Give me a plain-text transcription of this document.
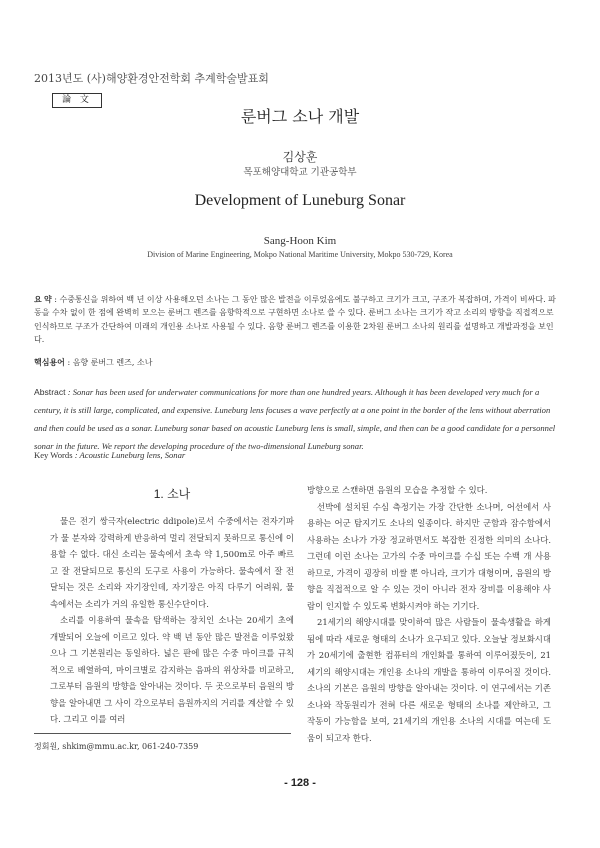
2013년도 (사)해양환경안전학회 추계학술발표회
論 文
룬버그 소나 개발
김상훈
목포해양대학교 기관공학부
Development of Luneburg Sonar
Sang-Hoon Kim
Division of Marine Engineering, Mokpo National Maritime University, Mokpo 530-729, Korea
요 약 : 수중통신을 위하여 백 년 이상 사용해오던 소나는 그 동안 많은 발전을 이루었음에도 불구하고 크기가 크고, 구조가 복잡하며, 가격이 비싸다. 파동을 수차 없이 한 점에 완벽히 모으는 룬버그 렌즈를 음향학적으로 구현하면 소나로 쓸 수 있다. 룬버그 소나는 크기가 작고 소리의 방향을 직접적으로 인식하므로 구조가 간단하여 미래의 개인용 소나로 사용될 수 있다. 음향 룬버그 렌즈를 이용한 2차원 룬버그 소나의 원리를 설명하고 개발과정을 보인다.
핵심용어 : 음향 룬버그 렌즈, 소나
Abstract : Sonar has been used for underwater communications for more than one hundred years. Although it has been developed very much for a century, it is still large, complicated, and expensive. Luneburg lens focuses a wave perfectly at a one point in the border of the lens without aberration and then could be used as a sonar. Luneburg sonar based on acoustic Luneburg lens is small, simple, and then can be a good candidate for a personnel sonar in the future. We report the developing procedure of the two-dimensional Luneburg sonar.
Key Words : Acoustic Luneburg lens, Sonar
1. 소나

물은 전기 쌍극자(electric ddipole)로서 수중에서는 전자기파가 물 분자와 강력하게 반응하여 멀리 전달되지 못하므로 통신에 이용할 수 없다. 대신 소리는 물속에서 초속 약 1,500m로 아주 빠르고 잘 전달되므로 통신의 도구로 사용이 가능하다. 물속에서 잘 전달되는 것은 소리와 자기장인데, 자기장은 아직 다루기 어려워, 물속에서는 소리가 거의 유일한 통신수단이다.

소리를 이용하여 물속을 탐색하는 장치인 소나는 20세기 초에 개발되어 오늘에 이르고 있다. 약 백 년 동안 많은 발전을 이루었왔으나 그 기본원리는 동일하다. 넓은 판에 많은 수중 마이크를 규칙적으로 배열하여, 마이크별로 감지하는 음파의 위상차를 비교하고, 그로부터 음원의 방향을 알아내는 것이다. 두 곳으로부터 음원의 방향을 알아내면 그 사이 각으로부터 음원까지의 거리를 계산할 수 있다. 그리고 이를 여러

방향으로 스캔하면 음원의 모습을 추정할 수 있다.

선박에 설치된 수심 측정기는 가장 간단한 소나며, 어선에서 사용하는 어군 탐지기도 소나의 일종이다. 하지만 군함과 잠수함에서 사용하는 소나가 가장 정교하면서도 복잡한 진정한 의미의 소나다. 그런데 이런 소나는 고가의 수중 마이크를 수십 또는 수백 개 사용하므로, 가격이 굉장히 비쌀 뿐 아니라, 크기가 대형이며, 음원의 방향을 직접적으로 알 수 있는 것이 아니라 전자 장비를 이용해야 사람이 인지할 수 있도록 변화시켜야 하는 기기다.

21세기의 해양시대를 맞이하여 많은 사람들이 물속생활을 하게 됨에 따라 새로운 형태의 소나가 요구되고 있다. 오늘날 정보화시대가 20세기에 출현한 컴퓨터의 개인화를 통하여 이루어졌듯이, 21세기의 해양시대는 개인용 소나의 개발을 통하여 이루어질 것이다. 소나의 기본은 음원의 방향을 알아내는 것이다. 이 연구에서는 기존 소나와 작동원리가 전혀 다른 새로운 형태의 소나를 제안하고, 그 작동이 가능함을 보여, 21세기의 개인용 소나의 시대를 여는데 도움이 되고자 한다.

정회원, shkim@mmu.ac.kr, 061-240-7359
- 128 -
